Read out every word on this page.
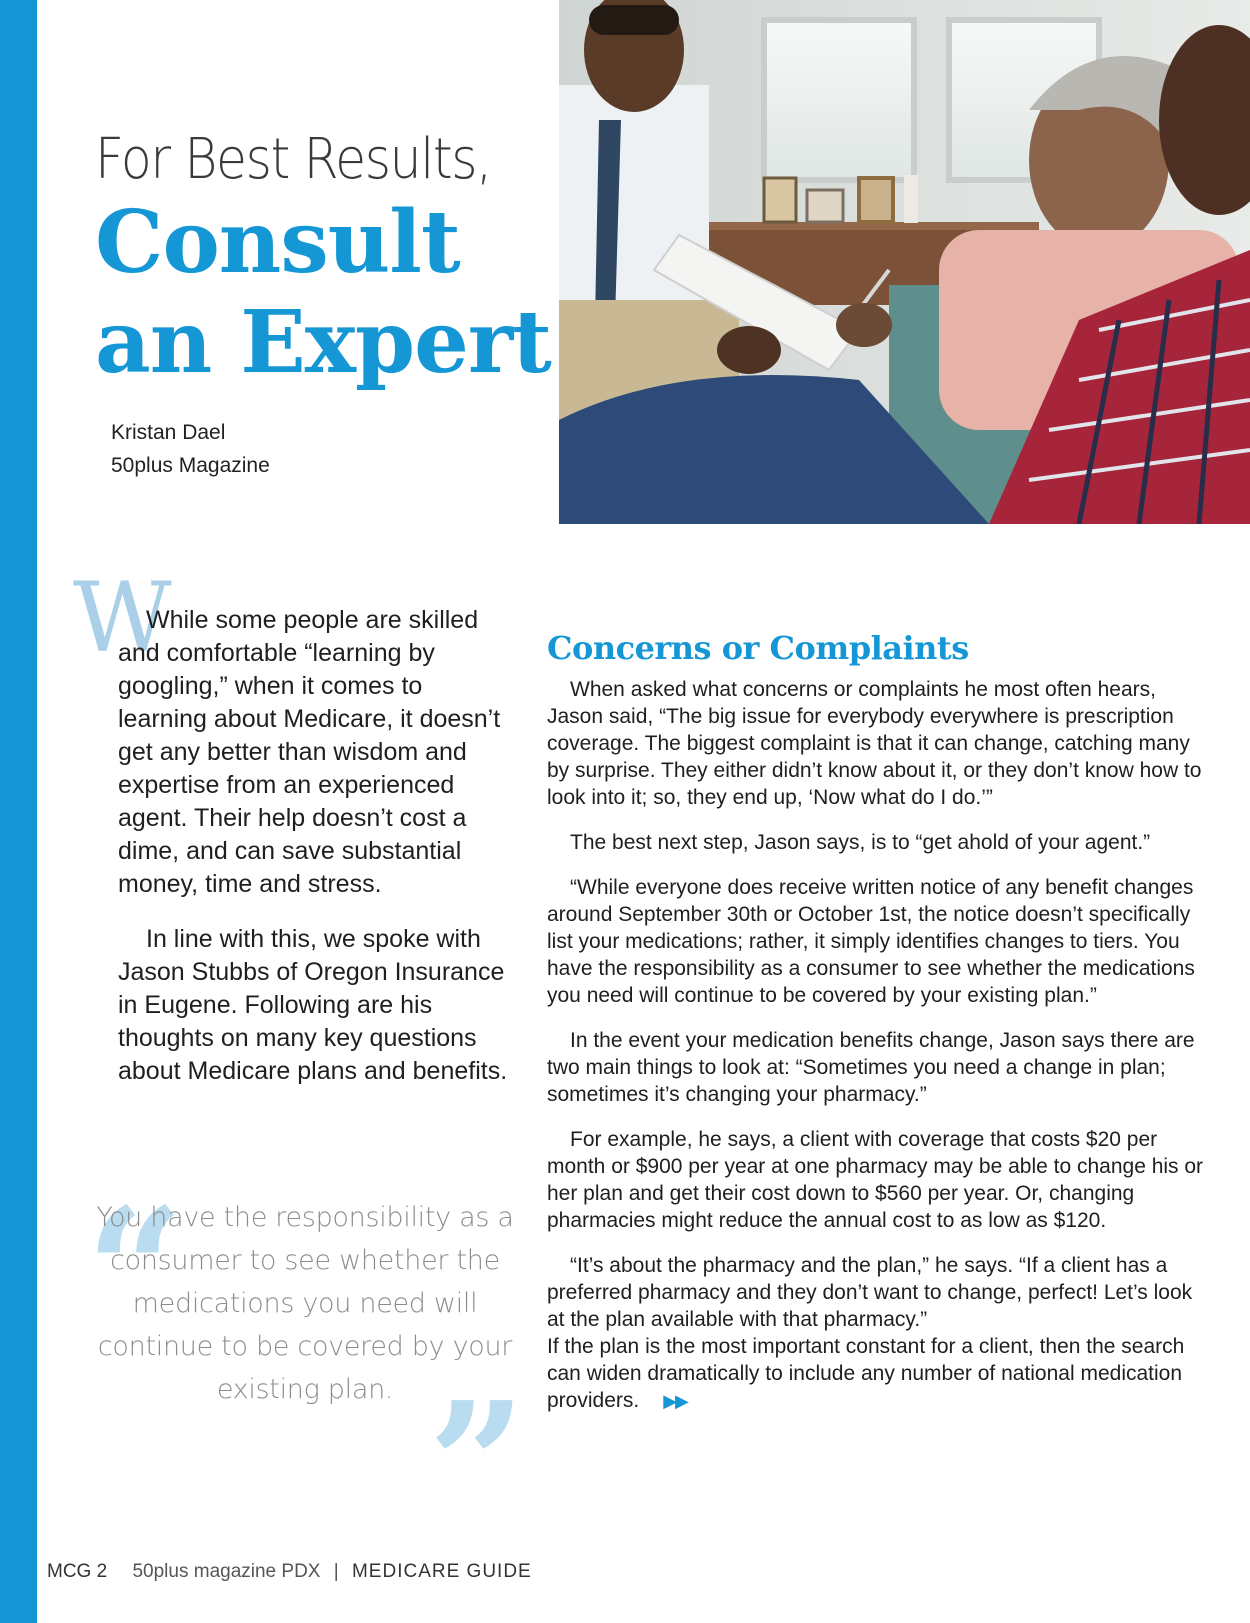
For Best Results,
Consult
an Expert
Kristan Dael
50plus Magazine
W

While some people are skilled and comfortable “learning by googling,” when it comes to learning about Medicare, it doesn’t get any better than wisdom and expertise from an experienced agent. Their help doesn’t cost a dime, and can save substantial money, time and stress.

In line with this, we spoke with Jason Stubbs of Oregon Insurance in Eugene. Following are his thoughts on many key questions about Medicare plans and benefits.

“
You have the responsibility as a consumer to see whether the medications you need will continue to be covered by your existing plan. ”
Concerns or Complaints

When asked what concerns or complaints he most often hears, Jason said, “The big issue for everybody everywhere is prescription coverage. The biggest complaint is that it can change, catching many by surprise. They either didn’t know about it, or they don’t know how to look into it; so, they end up, ‘Now what do I do.’”

The best next step, Jason says, is to “get ahold of your agent.”

“While everyone does receive written notice of any benefit changes around September 30th or October 1st, the notice doesn’t specifically list your medications; rather, it simply identifies changes to tiers. You have the responsibility as a consumer to see whether the medications you need will continue to be covered by your existing plan.”

In the event your medication benefits change, Jason says there are two main things to look at: “Sometimes you need a change in plan; sometimes it’s changing your pharmacy.”

For example, he says, a client with coverage that costs $20 per month or $900 per year at one pharmacy may be able to change his or her plan and get their cost down to $560 per year. Or, changing pharmacies might reduce the annual cost to as low as $120.

“It’s about the pharmacy and the plan,” he says. “If a client has a preferred pharmacy and they don’t want to change, perfect! Let’s look at the plan available with that pharmacy.”

If the plan is the most important constant for a client, then the search can widen dramatically to include any number of national medication providers. ▶▶

MCG 2 50plus magazine PDX | MEDICARE GUIDE
